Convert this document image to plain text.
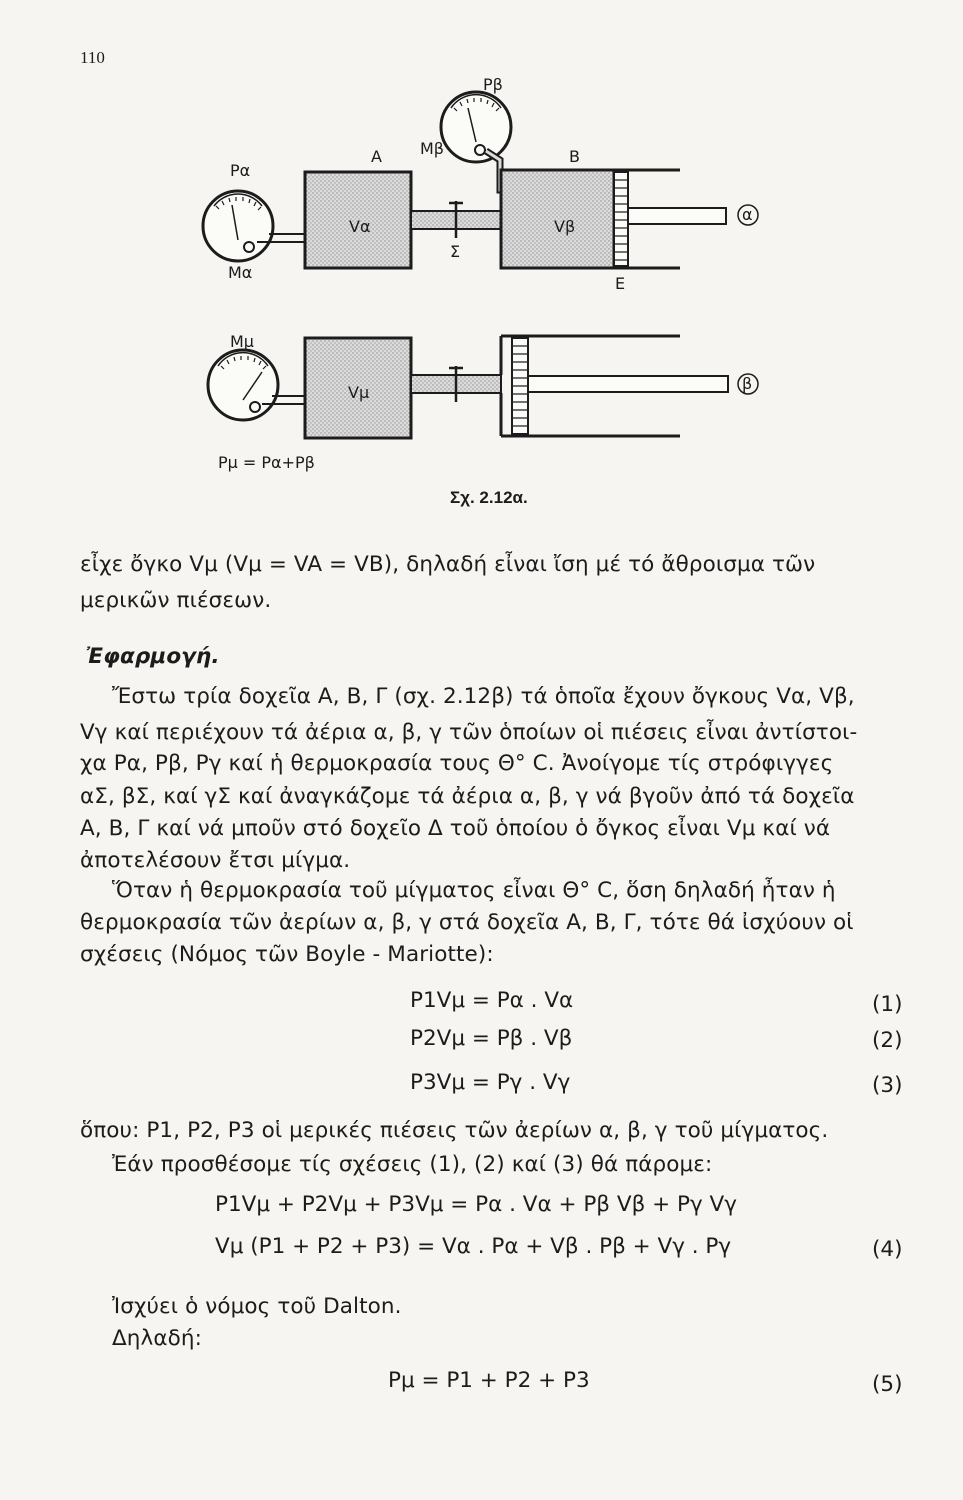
110
Pα
Mα
A
Vα
Mβ
Pβ
Σ
B
Vβ
E
α
Mμ
Vμ
Pμ = Pα+Pβ
β
Σχ. 2.12α.
εἶχε ὄγκο Vμ (Vμ = VA = VB), δηλαδή εἶναι ἴση μέ τό ἄθροισμα τῶν
μερικῶν πιέσεων.
Ἐφαρμογή.
Ἔστω τρία δοχεῖα Α, Β, Γ (σχ. 2.12β) τά ὁποῖα ἔχουν ὄγκους Vα, Vβ,
Vγ καί περιέχουν τά ἀέρια α, β, γ τῶν ὁποίων οἱ πιέσεις εἶναι ἀντίστοι-
χα Pα, Pβ, Pγ καί ἡ θερμοκρασία τους Θ° C. Ἀνοίγομε τίς στρόφιγγες
αΣ, βΣ, καί γΣ καί ἀναγκάζομε τά ἀέρια α, β, γ νά βγοῦν ἀπό τά δοχεῖα
Α, Β, Γ καί νά μποῦν στό δοχεῖο Δ τοῦ ὁποίου ὁ ὄγκος εἶναι Vμ καί νά
ἀποτελέσουν ἔτσι μίγμα.
Ὅταν ἡ θερμοκρασία τοῦ μίγματος εἶναι Θ° C, ὅση δηλαδή ἦταν ἡ
θερμοκρασία τῶν ἀερίων α, β, γ στά δοχεῖα Α, Β, Γ, τότε θά ἰσχύουν οἱ
σχέσεις (Νόμος τῶν Boyle - Mariotte):
P1Vμ = Pα . Vα	(1)
P2Vμ = Pβ . Vβ	(2)
P3Vμ = Pγ . Vγ	(3)
ὅπου: P1, P2, P3 οἱ μερικές πιέσεις τῶν ἀερίων α, β, γ τοῦ μίγματος.
Ἐάν προσθέσομε τίς σχέσεις (1), (2) καί (3) θά πάρομε:
P1Vμ + P2Vμ + P3Vμ = Pα . Vα + Pβ Vβ + Pγ Vγ
Vμ (P1 + P2 + P3) = Vα . Pα + Vβ . Pβ + Vγ . Pγ	(4)
Ἰσχύει ὁ νόμος τοῦ Dalton.
Δηλαδή:
Pμ = P1 + P2 + P3	(5)
